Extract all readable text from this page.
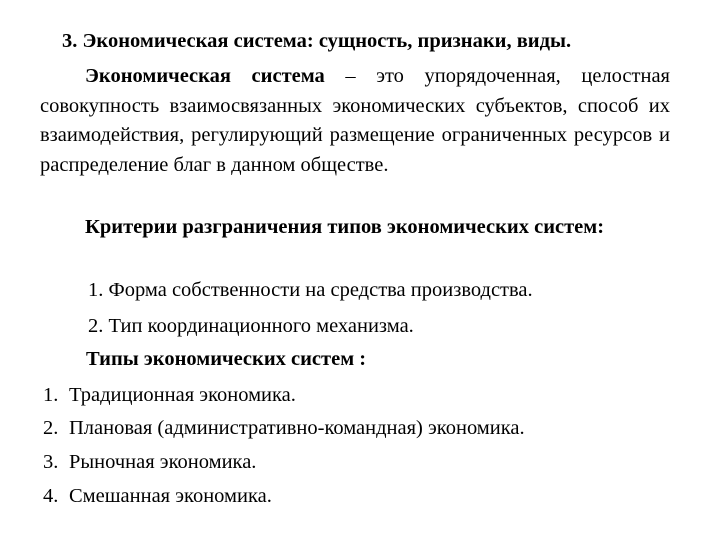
3. Экономическая система: сущность, признаки, виды.
Экономическая система – это упорядоченная, целостная совокупность взаимосвязанных экономических субъектов, способ их взаимодействия, регулирующий размещение ограниченных ресурсов и распределение благ в данном обществе.
Критерии разграничения типов экономических систем:
1. Форма собственности на средства производства.
2. Тип координационного механизма.
Типы экономических систем :
1. Традиционная экономика.
2. Плановая (административно-командная) экономика.
3. Рыночная экономика.
4. Смешанная экономика.
